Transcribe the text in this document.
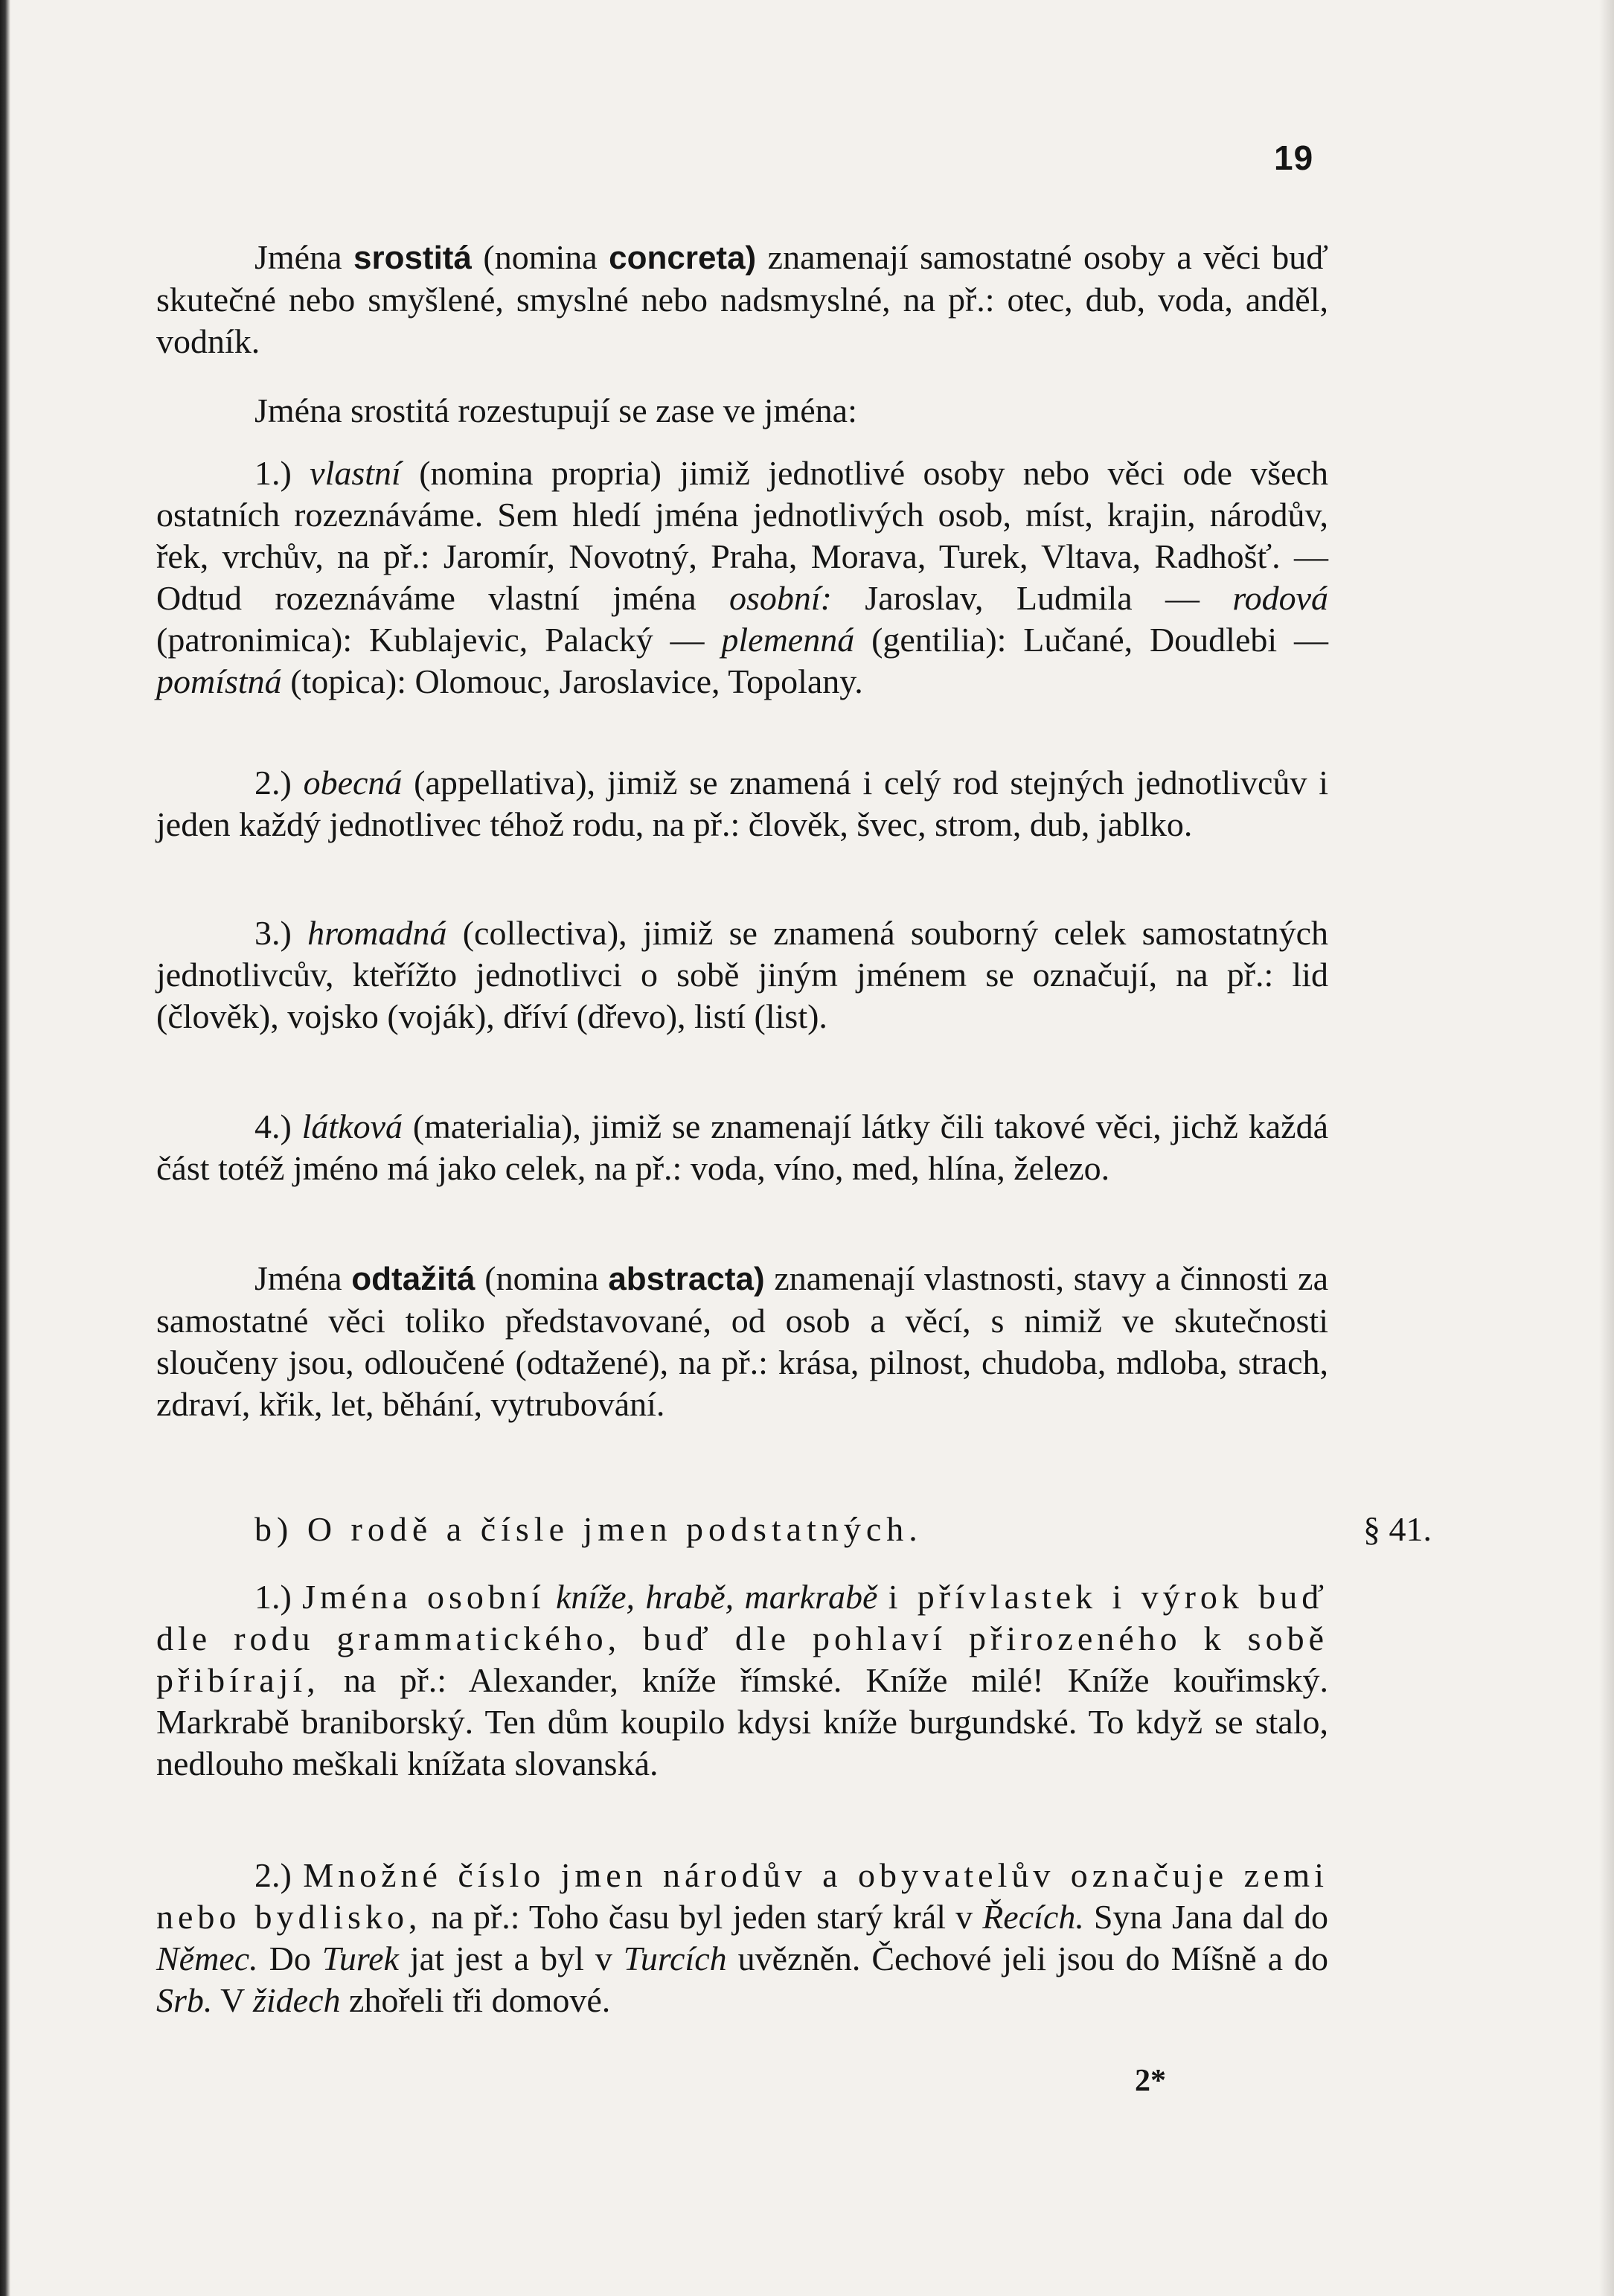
19

Jména srostitá (nomina concreta) znamenají samostatné osoby a věci buď skutečné nebo smyšlené, smyslné nebo nadsmyslné, na př.: otec, dub, voda, anděl, vodník.

Jména srostitá rozestupují se zase ve jména:

1.) vlastní (nomina propria) jimiž jednotlivé osoby nebo věci ode všech ostatních rozeznáváme. Sem hledí jména jednotlivých osob, míst, krajin, národův, řek, vrchův, na př.: Jaromír, Novotný, Praha, Morava, Turek, Vltava, Radhošť. — Odtud rozeznáváme vlastní jména osobní: Jaroslav, Ludmila — rodová (patronimica): Kublajevic, Palacký — plemenná (gentilia): Lučané, Doudlebi — pomístná (topica): Olomouc, Jaroslavice, Topolany.

2.) obecná (appellativa), jimiž se znamená i celý rod stejných jednotlivcův i jeden každý jednotlivec téhož rodu, na př.: člověk, švec, strom, dub, jablko.

3.) hromadná (collectiva), jimiž se znamená souborný celek samostatných jednotlivcův, kteřížto jednotlivci o sobě jiným jménem se označují, na př.: lid (člověk), vojsko (voják), dříví (dřevo), listí (list).

4.) látková (materialia), jimiž se znamenají látky čili takové věci, jichž každá část totéž jméno má jako celek, na př.: voda, víno, med, hlína, železo.

Jména odtažitá (nomina abstracta) znamenají vlastnosti, stavy a činnosti za samostatné věci toliko představované, od osob a věcí, s nimiž ve skutečnosti sloučeny jsou, odloučené (odtažené), na př.: krása, pilnost, chudoba, mdloba, strach, zdraví, křik, let, běhání, vytrubování.

b) O rodě a čísle jmen podstatných.	§ 41.

1.) Jména osobní kníže, hrabě, markrabě i přívlastek i výrok buď dle rodu grammatického, buď dle pohlaví přirozeného k sobě přibírají, na př.: Alexander, kníže římské. Kníže milé! Kníže kouřimský. Markrabě braniborský. Ten dům koupilo kdysi kníže burgundské. To když se stalo, nedlouho meškali knížata slovanská.

2.) Množné číslo jmen národův a obyvatelův označuje zemi nebo bydlisko, na př.: Toho času byl jeden starý král v Řecích. Syna Jana dal do Němec. Do Turek jat jest a byl v Turcích uvězněn. Čechové jeli jsou do Míšně a do Srb. V židech zhořeli tři domové.

2*
